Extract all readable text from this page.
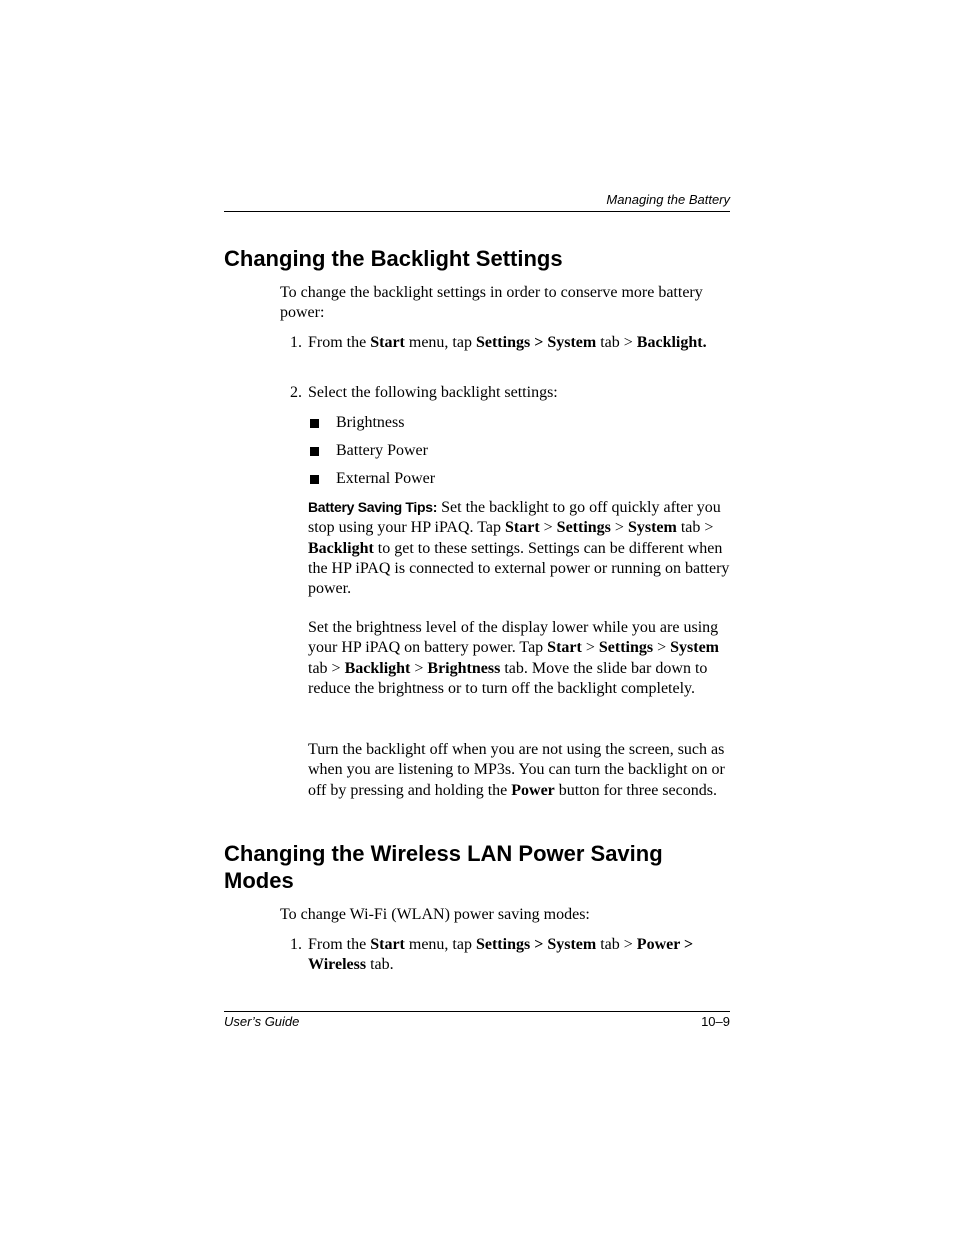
Managing the Battery
Changing the Backlight Settings

To change the backlight settings in order to conserve more battery power:

1. From the Start menu, tap Settings > System tab > Backlight.
2. Select the following backlight settings:
Brightness
Battery Power
External Power

Battery Saving Tips: Set the backlight to go off quickly after you stop using your HP iPAQ. Tap Start > Settings > System tab > Backlight to get to these settings. Settings can be different when the HP iPAQ is connected to external power or running on battery power.

Set the brightness level of the display lower while you are using your HP iPAQ on battery power. Tap Start > Settings > System tab > Backlight > Brightness tab. Move the slide bar down to reduce the brightness or to turn off the backlight completely.

Turn the backlight off when you are not using the screen, such as when you are listening to MP3s. You can turn the backlight on or off by pressing and holding the Power button for three seconds.

Changing the Wireless LAN Power Saving Modes

To change Wi-Fi (WLAN) power saving modes:

1. From the Start menu, tap Settings > System tab > Power > Wireless tab.
User’s Guide	10–9
